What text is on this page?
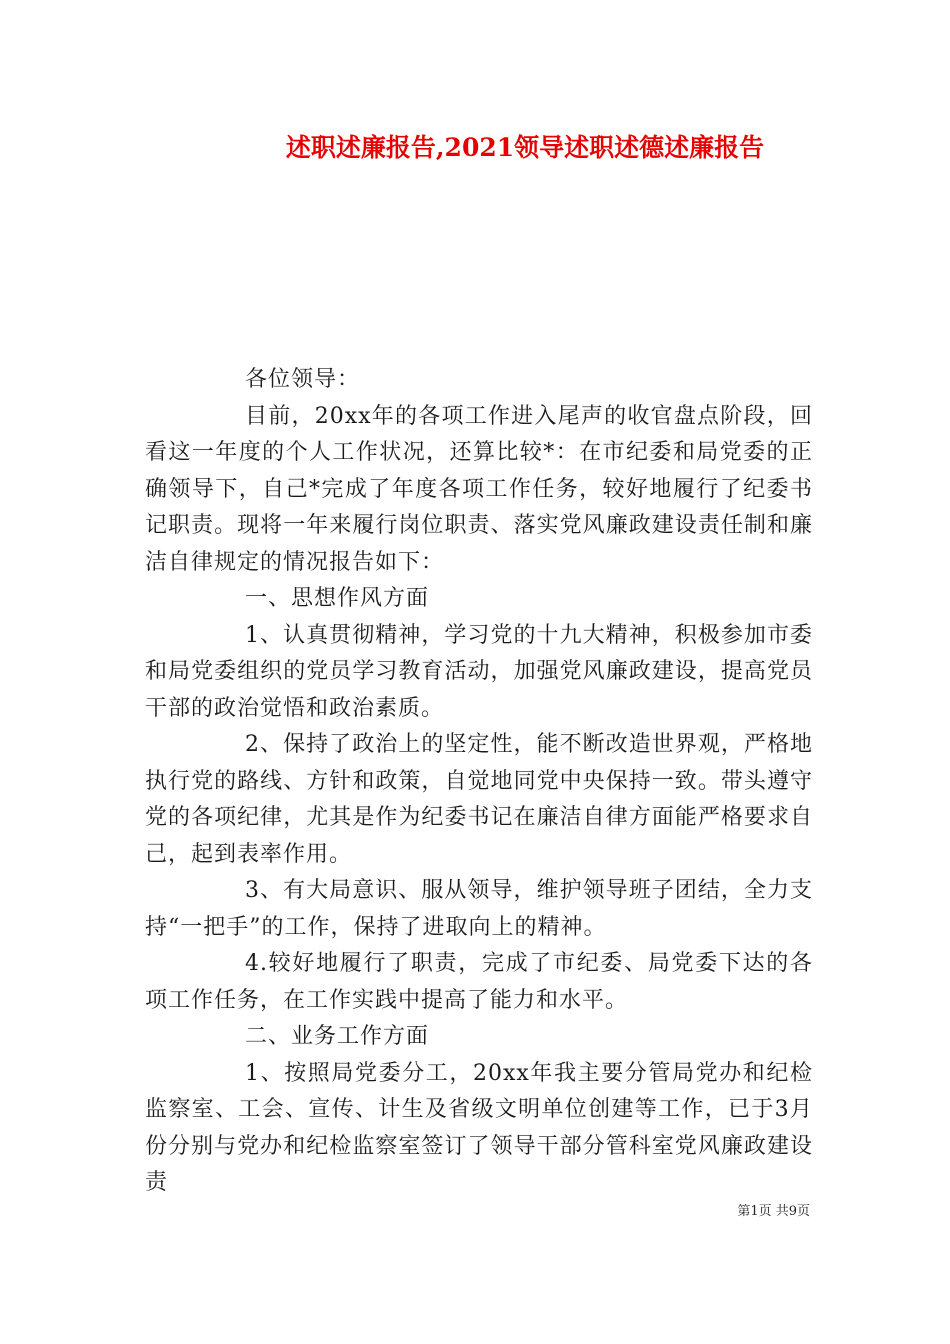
述职述廉报告,2021领导述职述德述廉报告

各位领导：

目前，20xx年的各项工作进入尾声的收官盘点阶段，回看这一年度的个人工作状况，还算比较*：在市纪委和局党委的正确领导下，自己*完成了年度各项工作任务，较好地履行了纪委书记职责。现将一年来履行岗位职责、落实党风廉政建设责任制和廉洁自律规定的情况报告如下：

一、思想作风方面

1、认真贯彻精神，学习党的十九大精神，积极参加市委和局党委组织的党员学习教育活动，加强党风廉政建设，提高党员干部的政治觉悟和政治素质。

2、保持了政治上的坚定性，能不断改造世界观，严格地执行党的路线、方针和政策，自觉地同党中央保持一致。带头遵守党的各项纪律，尤其是作为纪委书记在廉洁自律方面能严格要求自己，起到表率作用。

3、有大局意识、服从领导，维护领导班子团结，全力支持“一把手”的工作，保持了进取向上的精神。

4.较好地履行了职责，完成了市纪委、局党委下达的各项工作任务，在工作实践中提高了能力和水平。

二、业务工作方面

1、按照局党委分工，20xx年我主要分管局党办和纪检监察室、工会、宣传、计生及省级文明单位创建等工作，已于3月份分别与党办和纪检监察室签订了领导干部分管科室党风廉政建设责

第1页 共9页
